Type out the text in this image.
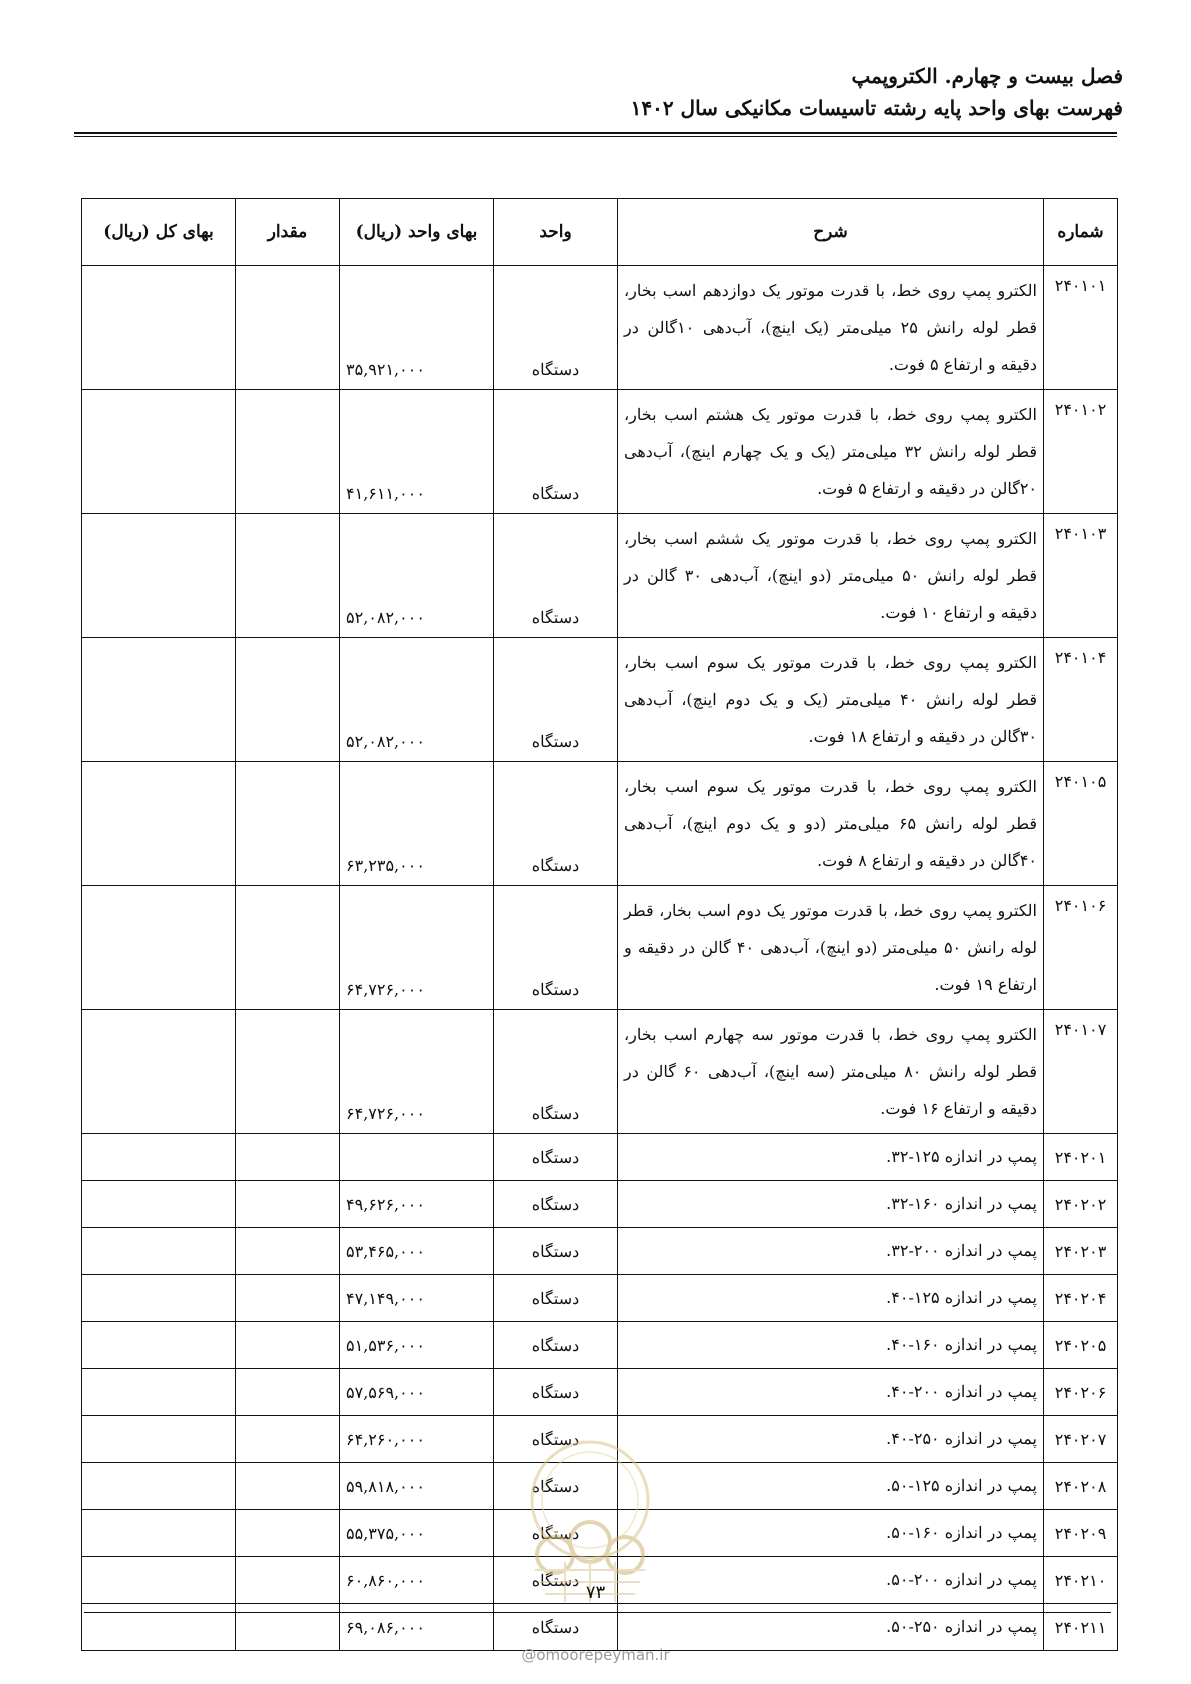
فصل بیست و چهارم. الکتروپمپ
فهرست بهای واحد پایه رشته تاسیسات مکانیکی سال ۱۴۰۲
شماره	شرح	واحد	بهای واحد (ریال)	مقدار	بهای کل (ریال)
۲۴۰۱۰۱	الکترو پمپ روی خط، با قدرت موتور یک دوازدهم اسب بخار، قطر لوله رانش ۲۵ میلی‌متر (یک اینچ)، آب‌دهی ۱۰گالن در دقیقه و ارتفاع ۵ فوت.	دستگاه	۳۵,۹۲۱,۰۰۰		
۲۴۰۱۰۲	الکترو پمپ روی خط، با قدرت موتور یک هشتم اسب بخار، قطر لوله رانش ۳۲ میلی‌متر (یک و یک چهارم اینچ)، آب‌دهی ۲۰گالن در دقیقه و ارتفاع ۵ فوت.	دستگاه	۴۱,۶۱۱,۰۰۰		
۲۴۰۱۰۳	الکترو پمپ روی خط، با قدرت موتور یک ششم اسب بخار، قطر لوله رانش ۵۰ میلی‌متر (دو اینچ)، آب‌دهی ۳۰ گالن در دقیقه و ارتفاع ۱۰ فوت.	دستگاه	۵۲,۰۸۲,۰۰۰		
۲۴۰۱۰۴	الکترو پمپ روی خط، با قدرت موتور یک سوم اسب بخار، قطر لوله رانش ۴۰ میلی‌متر (یک و یک دوم اینچ)، آب‌دهی ۳۰گالن در دقیقه و ارتفاع ۱۸ فوت.	دستگاه	۵۲,۰۸۲,۰۰۰		
۲۴۰۱۰۵	الکترو پمپ روی خط، با قدرت موتور یک سوم اسب بخار، قطر لوله رانش ۶۵ میلی‌متر (دو و یک دوم اینچ)، آب‌دهی ۴۰گالن در دقیقه و ارتفاع ۸ فوت.	دستگاه	۶۳,۲۳۵,۰۰۰		
۲۴۰۱۰۶	الکترو پمپ روی خط، با قدرت موتور یک دوم اسب بخار، قطر لوله رانش ۵۰ میلی‌متر (دو اینچ)، آب‌دهی ۴۰ گالن در دقیقه و ارتفاع ۱۹ فوت.	دستگاه	۶۴,۷۲۶,۰۰۰		
۲۴۰۱۰۷	الکترو پمپ روی خط، با قدرت موتور سه چهارم اسب بخار، قطر لوله رانش ۸۰ میلی‌متر (سه اینچ)، آب‌دهی ۶۰ گالن در دقیقه و ارتفاع ۱۶ فوت.	دستگاه	۶۴,۷۲۶,۰۰۰		
۲۴۰۲۰۱	پمپ در اندازه ۱۲۵-۳۲.	دستگاه			
۲۴۰۲۰۲	پمپ در اندازه ۱۶۰-۳۲.	دستگاه	۴۹,۶۲۶,۰۰۰		
۲۴۰۲۰۳	پمپ در اندازه ۲۰۰-۳۲.	دستگاه	۵۳,۴۶۵,۰۰۰		
۲۴۰۲۰۴	پمپ در اندازه ۱۲۵-۴۰.	دستگاه	۴۷,۱۴۹,۰۰۰		
۲۴۰۲۰۵	پمپ در اندازه ۱۶۰-۴۰.	دستگاه	۵۱,۵۳۶,۰۰۰		
۲۴۰۲۰۶	پمپ در اندازه ۲۰۰-۴۰.	دستگاه	۵۷,۵۶۹,۰۰۰		
۲۴۰۲۰۷	پمپ در اندازه ۲۵۰-۴۰.	دستگاه	۶۴,۲۶۰,۰۰۰		
۲۴۰۲۰۸	پمپ در اندازه ۱۲۵-۵۰.	دستگاه	۵۹,۸۱۸,۰۰۰		
۲۴۰۲۰۹	پمپ در اندازه ۱۶۰-۵۰.	دستگاه	۵۵,۳۷۵,۰۰۰		
۲۴۰۲۱۰	پمپ در اندازه ۲۰۰-۵۰.	دستگاه	۶۰,۸۶۰,۰۰۰		
۲۴۰۲۱۱	پمپ در اندازه ۲۵۰-۵۰.	دستگاه	۶۹,۰۸۶,۰۰۰		
۷۳
@omoorepeyman.ir
